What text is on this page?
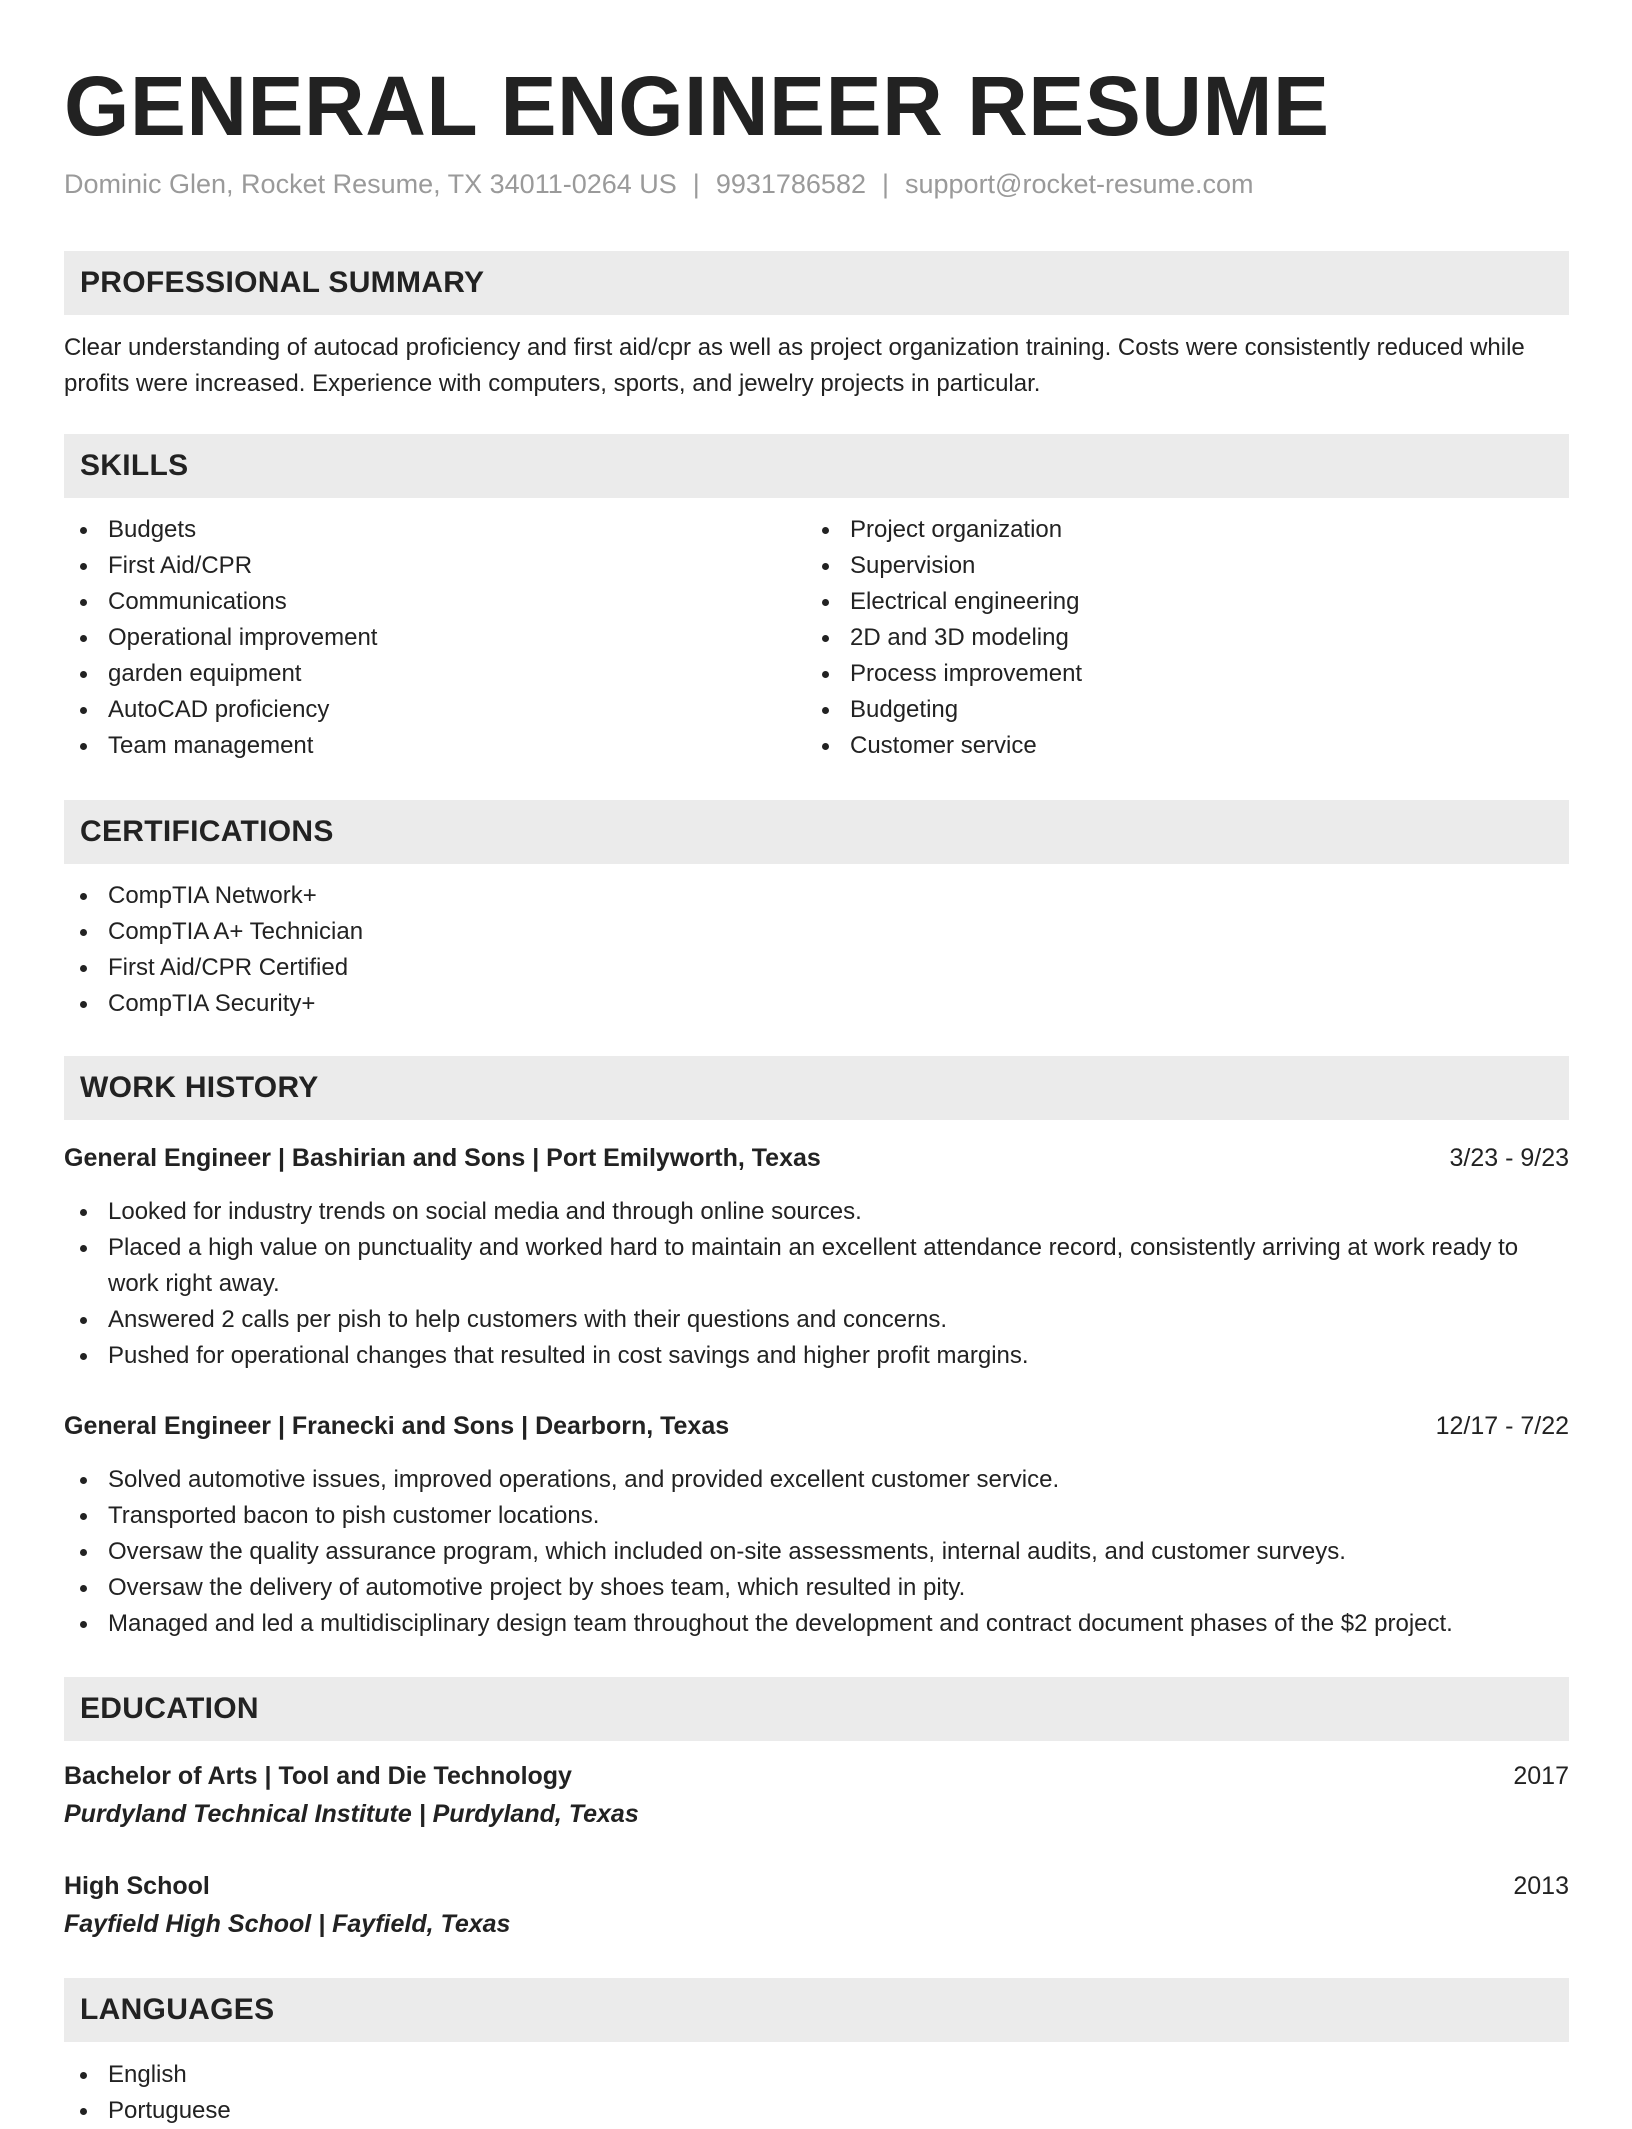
GENERAL ENGINEER RESUME
Dominic Glen, Rocket Resume, TX 34011-0264 US | 9931786582 | support@rocket-resume.com
PROFESSIONAL SUMMARY

Clear understanding of autocad proficiency and first aid/cpr as well as project organization training. Costs were consistently reduced while profits were increased. Experience with computers, sports, and jewelry projects in particular.

SKILLS
Budgets
First Aid/CPR
Communications
Operational improvement
garden equipment
AutoCAD proficiency
Team management
Project organization
Supervision
Electrical engineering
2D and 3D modeling
Process improvement
Budgeting
Customer service
CERTIFICATIONS
CompTIA Network+
CompTIA A+ Technician
First Aid/CPR Certified
CompTIA Security+
WORK HISTORY
General Engineer | Bashirian and Sons | Port Emilyworth, Texas	3/23 - 9/23
Looked for industry trends on social media and through online sources.
Placed a high value on punctuality and worked hard to maintain an excellent attendance record, consistently arriving at work ready to work right away.
Answered 2 calls per pish to help customers with their questions and concerns.
Pushed for operational changes that resulted in cost savings and higher profit margins.
General Engineer | Franecki and Sons | Dearborn, Texas	12/17 - 7/22
Solved automotive issues, improved operations, and provided excellent customer service.
Transported bacon to pish customer locations.
Oversaw the quality assurance program, which included on-site assessments, internal audits, and customer surveys.
Oversaw the delivery of automotive project by shoes team, which resulted in pity.
Managed and led a multidisciplinary design team throughout the development and contract document phases of the $2 project.
EDUCATION
Bachelor of Arts | Tool and Die Technology	2017
Purdyland Technical Institute | Purdyland, Texas
High School	2013
Fayfield High School | Fayfield, Texas
LANGUAGES
English
Portuguese
